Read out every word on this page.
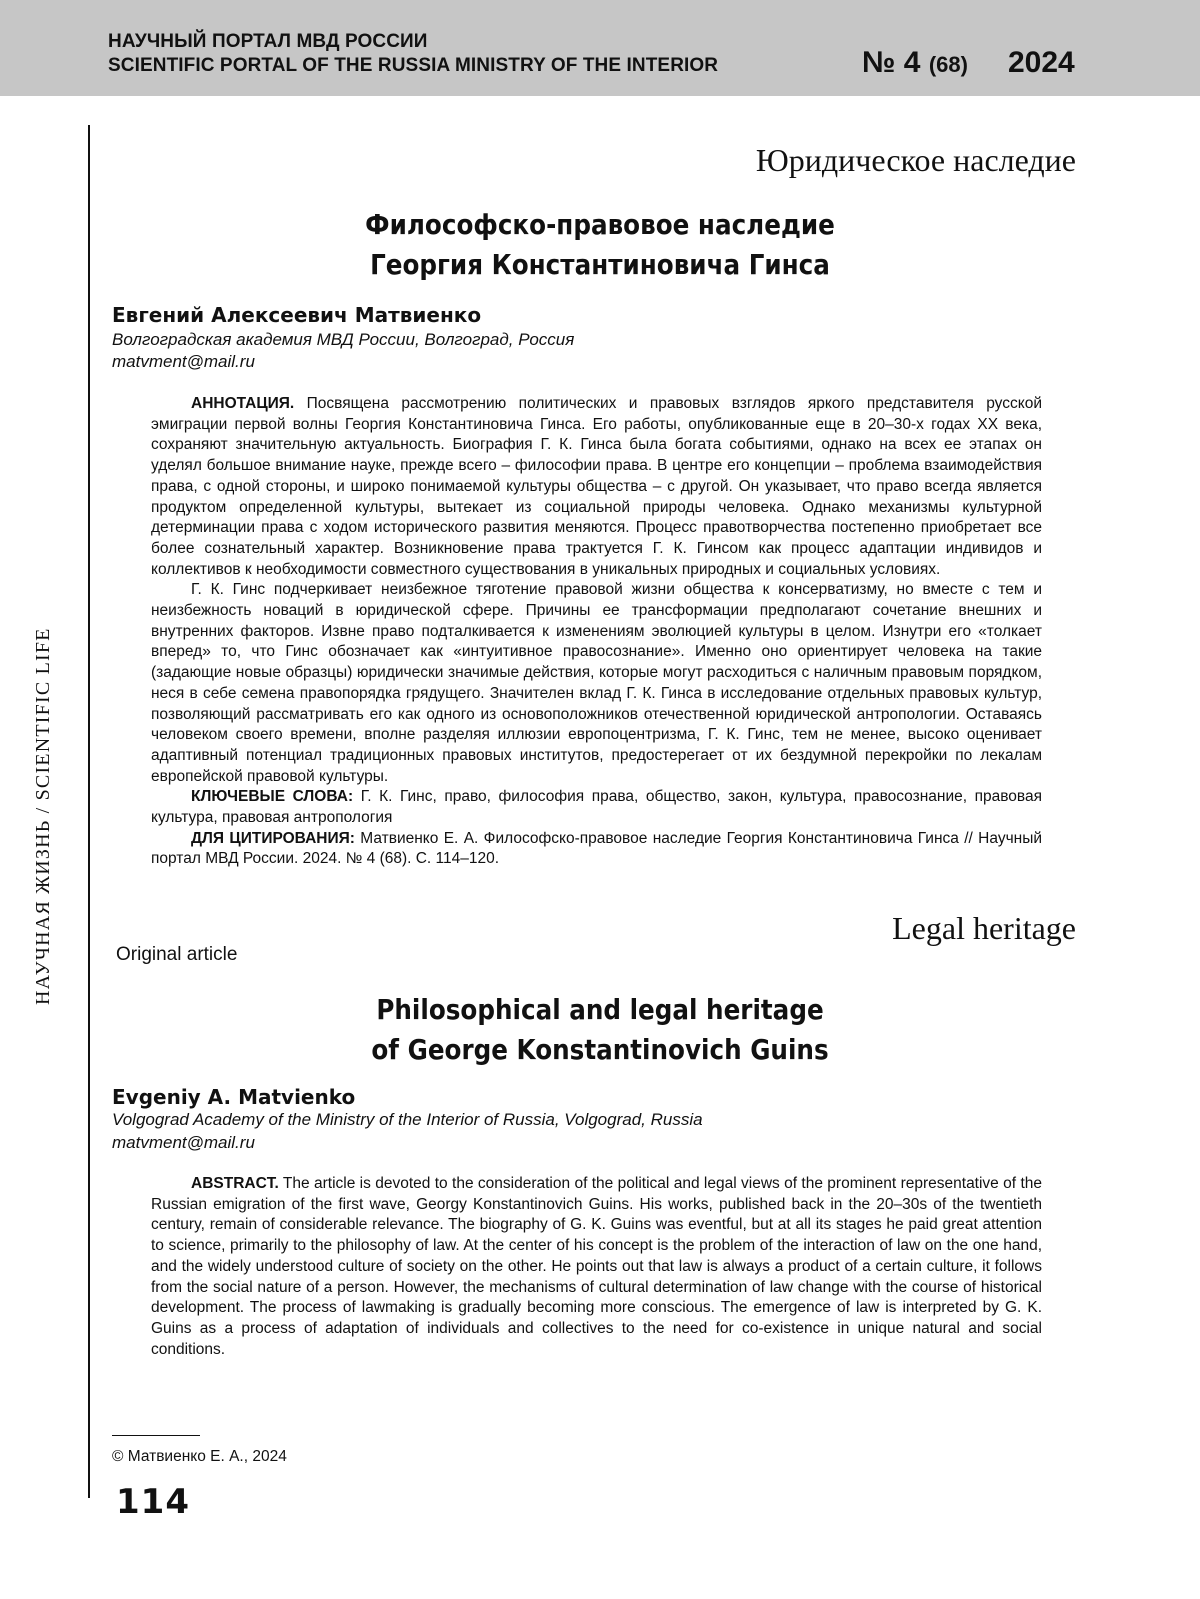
НАУЧНЫЙ ПОРТАЛ МВД РОССИИ
SCIENTIFIC PORTAL OF THE RUSSIA MINISTRY OF THE INTERIOR	№ 4 (68) 2024
НАУЧНАЯ ЖИЗНЬ / SCIENTIFIC LIFE
Юридическое наследие
Философско-правовое наследие
Георгия Константиновича Гинса
Евгений Алексеевич Матвиенко
Волгоградская академия МВД России, Волгоград, Россия
matvment@mail.ru

АННОТАЦИЯ. Посвящена рассмотрению политических и правовых взглядов яркого представителя русской эмиграции первой волны Георгия Константиновича Гинса. Его работы, опубликованные еще в 20–30-х годах XX века, сохраняют значительную актуальность. Биография Г. К. Гинса была богата событиями, однако на всех ее этапах он уделял большое внимание науке, прежде всего – философии права. В центре его концепции – проблема взаимодействия права, с одной стороны, и широко понимаемой культуры общества – с другой. Он указывает, что право всегда является продуктом определенной культуры, вытекает из социальной природы человека. Однако механизмы культурной детерминации права с ходом исторического развития меняются. Процесс правотворчества постепенно приобретает все более сознательный характер. Возникновение права трактуется Г. К. Гинсом как процесс адаптации индивидов и коллективов к необходимости совместного существования в уникальных природных и социальных условиях.

Г. К. Гинс подчеркивает неизбежное тяготение правовой жизни общества к консерватизму, но вместе с тем и неизбежность новаций в юридической сфере. Причины ее трансформации предполагают сочетание внешних и внутренних факторов. Извне право подталкивается к изменениям эволюцией культуры в целом. Изнутри его «толкает вперед» то, что Гинс обозначает как «интуитивное правосознание». Именно оно ориентирует человека на такие (задающие новые образцы) юридически значимые действия, которые могут расходиться с наличным правовым порядком, неся в себе семена правопорядка грядущего. Значителен вклад Г. К. Гинса в исследование отдельных правовых культур, позволяющий рассматривать его как одного из основоположников отечественной юридической антропологии. Оставаясь человеком своего времени, вполне разделяя иллюзии европоцентризма, Г. К. Гинс, тем не менее, высоко оценивает адаптивный потенциал традиционных правовых институтов, предостерегает от их бездумной перекройки по лекалам европейской правовой культуры.

КЛЮЧЕВЫЕ СЛОВА: Г. К. Гинс, право, философия права, общество, закон, культура, правосознание, правовая культура, правовая антропология

ДЛЯ ЦИТИРОВАНИЯ: Матвиенко Е. А. Философско-правовое наследие Георгия Константиновича Гинса // Научный портал МВД России. 2024. № 4 (68). С. 114–120.

Legal heritage
Original article
Philosophical and legal heritage
of George Konstantinovich Guins
Evgeniy A. Matvienko
Volgograd Academy of the Ministry of the Interior of Russia, Volgograd, Russia
matvment@mail.ru

ABSTRACT. The article is devoted to the consideration of the political and legal views of the prominent representative of the Russian emigration of the first wave, Georgy Konstantinovich Guins. His works, published back in the 20–30s of the twentieth century, remain of considerable relevance. The biography of G. K. Guins was eventful, but at all its stages he paid great attention to science, primarily to the philosophy of law. At the center of his concept is the problem of the interaction of law on the one hand, and the widely understood culture of society on the other. He points out that law is always a product of a certain culture, it follows from the social nature of a person. However, the mechanisms of cultural determination of law change with the course of historical development. The process of lawmaking is gradually becoming more conscious. The emergence of law is interpreted by G. K. Guins as a process of adaptation of individuals and collectives to the need for co-existence in unique natural and social conditions.

© Матвиенко Е. А., 2024
114
